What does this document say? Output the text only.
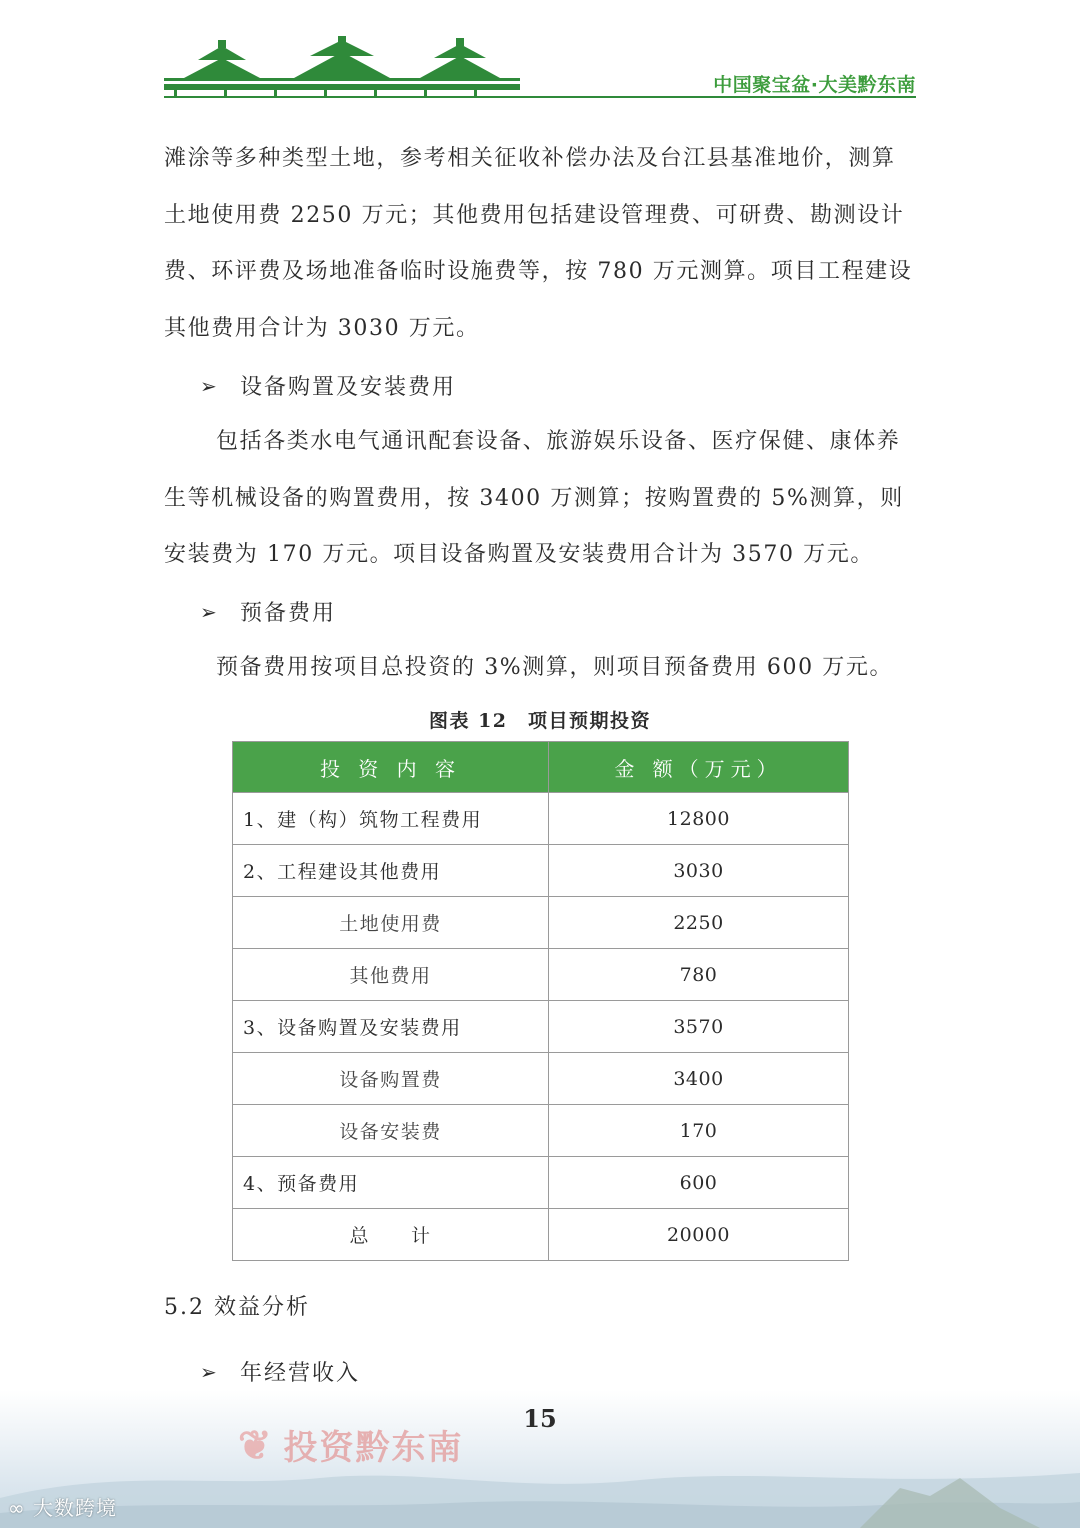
中国聚宝盆·大美黔东南

滩涂等多种类型土地，参考相关征收补偿办法及台江县基准地价，测算土地使用费 2250 万元；其他费用包括建设管理费、可研费、勘测设计费、环评费及场地准备临时设施费等，按 780 万元测算。项目工程建设其他费用合计为 3030 万元。

➢ 设备购置及安装费用

包括各类水电气通讯配套设备、旅游娱乐设备、医疗保健、康体养生等机械设备的购置费用，按 3400 万测算；按购置费的 5%测算，则安装费为 170 万元。项目设备购置及安装费用合计为 3570 万元。

➢ 预备费用

预备费用按项目总投资的 3%测算，则项目预备费用 600 万元。

图表 12　项目预期投资
投 资 内 容	金 额（万元）
1、建（构）筑物工程费用	12800
2、工程建设其他费用	3030
土地使用费	2250
其他费用	780
3、设备购置及安装费用	3570
设备购置费	3400
设备安装费	170
4、预备费用	600
总　　计	20000
5.2 效益分析
➢ 年经营收入
❦ 投资黔东南
15
∞ 大数跨境
